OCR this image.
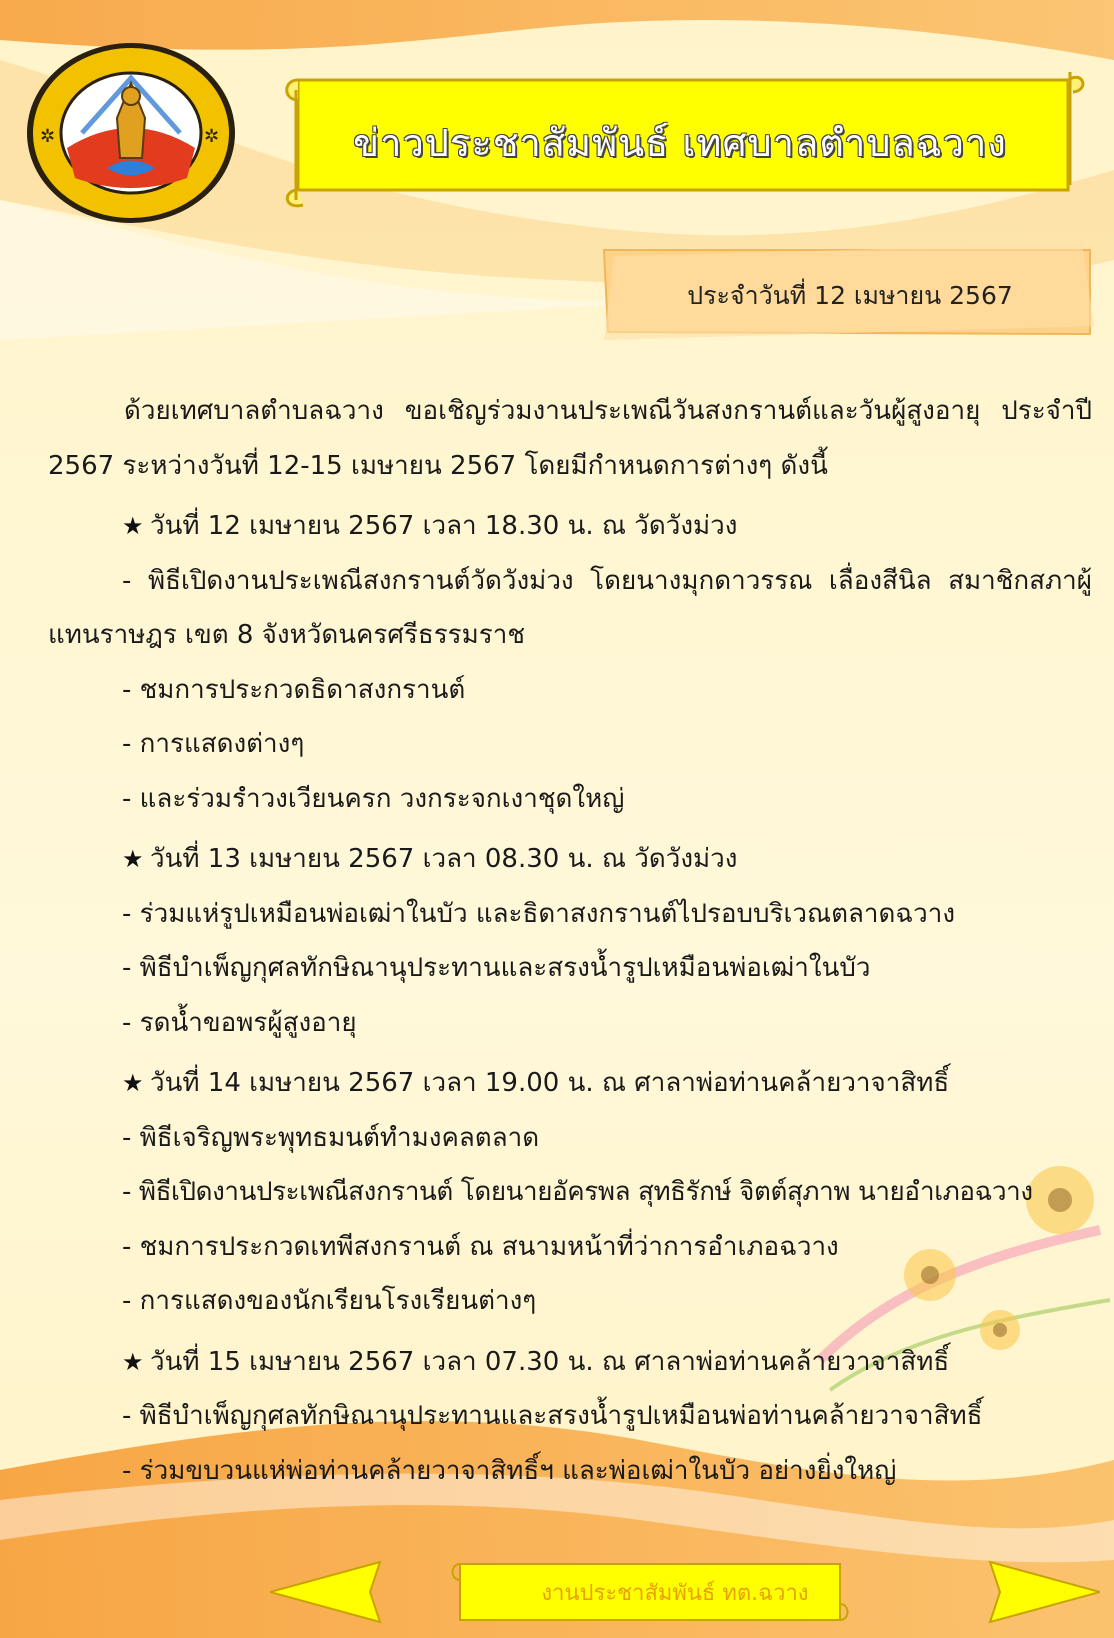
✲	✲	ข่าวประชาสัมพันธ์ เทศบาลตำบลฉวาง
ประจำวันที่ 12 เมษายน 2567

ด้วยเทศบาลตำบลฉวาง ขอเชิญร่วมงานประเพณีวันสงกรานต์และวันผู้สูงอายุ ประจำปี 2567 ระหว่างวันที่ 12-15 เมษายน 2567 โดยมีกำหนดการต่างๆ ดังนี้

★ วันที่ 12 เมษายน 2567 เวลา 18.30 น. ณ วัดวังม่วง

- พิธีเปิดงานประเพณีสงกรานต์วัดวังม่วง โดยนางมุกดาวรรณ เลื่องสีนิล สมาชิกสภาผู้แทนราษฎร เขต 8 จังหวัดนครศรีธรรมราช

- ชมการประกวดธิดาสงกรานต์

- การแสดงต่างๆ

- และร่วมรำวงเวียนครก วงกระจกเงาชุดใหญ่

★ วันที่ 13 เมษายน 2567 เวลา 08.30 น. ณ วัดวังม่วง

- ร่วมแห่รูปเหมือนพ่อเฒ่าในบัว และธิดาสงกรานต์ไปรอบบริเวณตลาดฉวาง

- พิธีบำเพ็ญกุศลทักษิณานุประทานและสรงน้ำรูปเหมือนพ่อเฒ่าในบัว

- รดน้ำขอพรผู้สูงอายุ

★ วันที่ 14 เมษายน 2567 เวลา 19.00 น. ณ ศาลาพ่อท่านคล้ายวาจาสิทธิ์

- พิธีเจริญพระพุทธมนต์ทำมงคลตลาด

- พิธีเปิดงานประเพณีสงกรานต์ โดยนายอัครพล สุทธิรักษ์ จิตต์สุภาพ นายอำเภอฉวาง

- ชมการประกวดเทพีสงกรานต์ ณ สนามหน้าที่ว่าการอำเภอฉวาง

- การแสดงของนักเรียนโรงเรียนต่างๆ

★ วันที่ 15 เมษายน 2567 เวลา 07.30 น. ณ ศาลาพ่อท่านคล้ายวาจาสิทธิ์

- พิธีบำเพ็ญกุศลทักษิณานุประทานและสรงน้ำรูปเหมือนพ่อท่านคล้ายวาจาสิทธิ์

- ร่วมขบวนแห่พ่อท่านคล้ายวาจาสิทธิ์ฯ และพ่อเฒ่าในบัว อย่างยิ่งใหญ่

งานประชาสัมพันธ์ ทต.ฉวาง
